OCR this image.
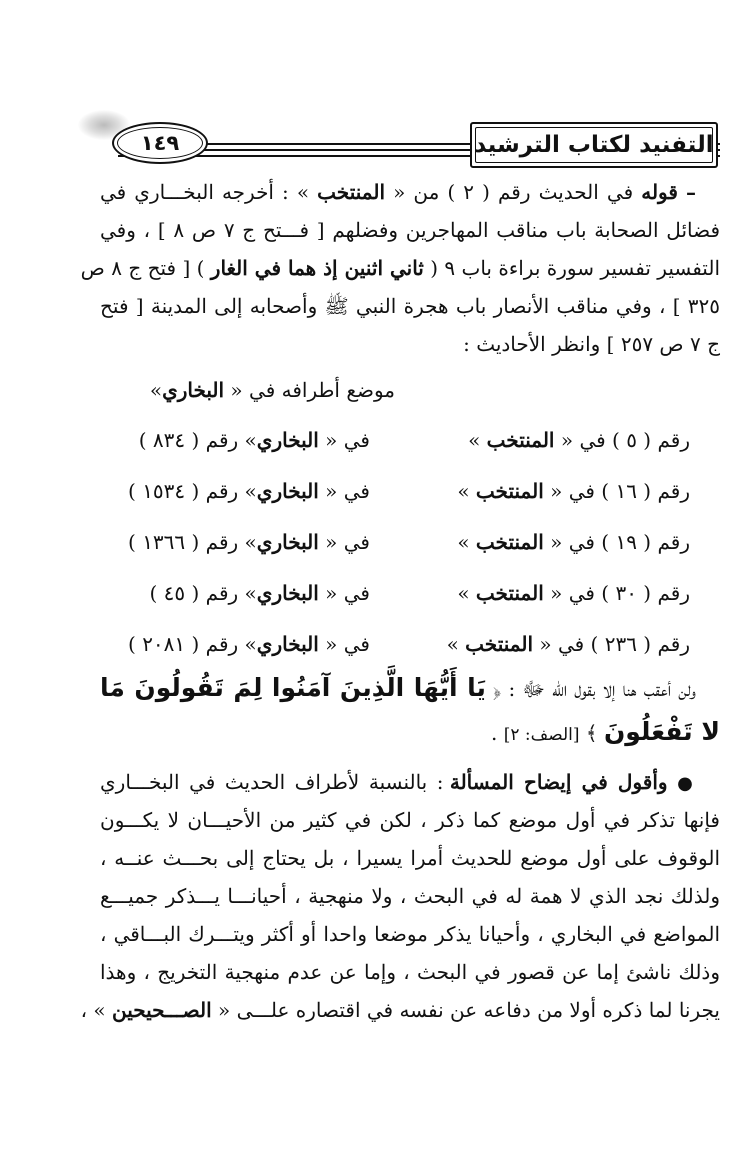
١٤٩	التفنيد لكتاب الترشيد
– قوله في الحديث رقم ( ٢ ) من « المنتخب » : أخرجه البخـــاري في
فضائل الصحابة باب مناقب المهاجرين وفضلهم [ فـــتح ج ٧ ص ٨ ] ، وفي
التفسير تفسير سورة براءة باب ٩ ( ثاني اثنين إذ هما في الغار ) [ فتح ج ٨ ص
٣٢٥ ] ، وفي مناقب الأنصار باب هجرة النبي ﷺ وأصحابه إلى المدينة [ فتح
ج ٧ ص ٢٥٧ ] وانظر الأحاديث :
موضع أطرافه في « البخاري»
رقم ( ٥ ) في « المنتخب »
في « البخاري» رقم ( ٨٣٤ )
رقم ( ١٦ ) في « المنتخب »
في « البخاري» رقم ( ١٥٣٤ )
رقم ( ١٩ ) في « المنتخب »
في « البخاري» رقم ( ١٣٦٦ )
رقم ( ٣٠ ) في « المنتخب »
في « البخاري» رقم ( ٤٥ )
رقم ( ٢٣٦ ) في « المنتخب »
في « البخاري» رقم ( ٢٠٨١ )
ولن أعقب هنا إلا بقول الله ﷻ : ﴿ يَا أَيُّهَا الَّذِينَ آمَنُوا لِمَ تَقُولُونَ مَا
لا تَفْعَلُونَ ﴾ [الصف: ٢] .
● وأقول في إيضاح المسألة : بالنسبة لأطراف الحديث في البخـــاري
فإنها تذكر في أول موضع كما ذكر ، لكن في كثير من الأحيـــان لا يكـــون
الوقوف على أول موضع للحديث أمرا يسيرا ، بل يحتاج إلى بحـــث عنــه ،
ولذلك نجد الذي لا همة له في البحث ، ولا منهجية ، أحيانـــا يـــذكر جميـــع
المواضع في البخاري ، وأحيانا يذكر موضعا واحدا أو أكثر ويتـــرك البـــاقي ،
وذلك ناشئ إما عن قصور في البحث ، وإما عن عدم منهجية التخريج ، وهذا
يجرنا لما ذكره أولا من دفاعه عن نفسه في اقتصاره علـــى « الصـــحيحين » ،
